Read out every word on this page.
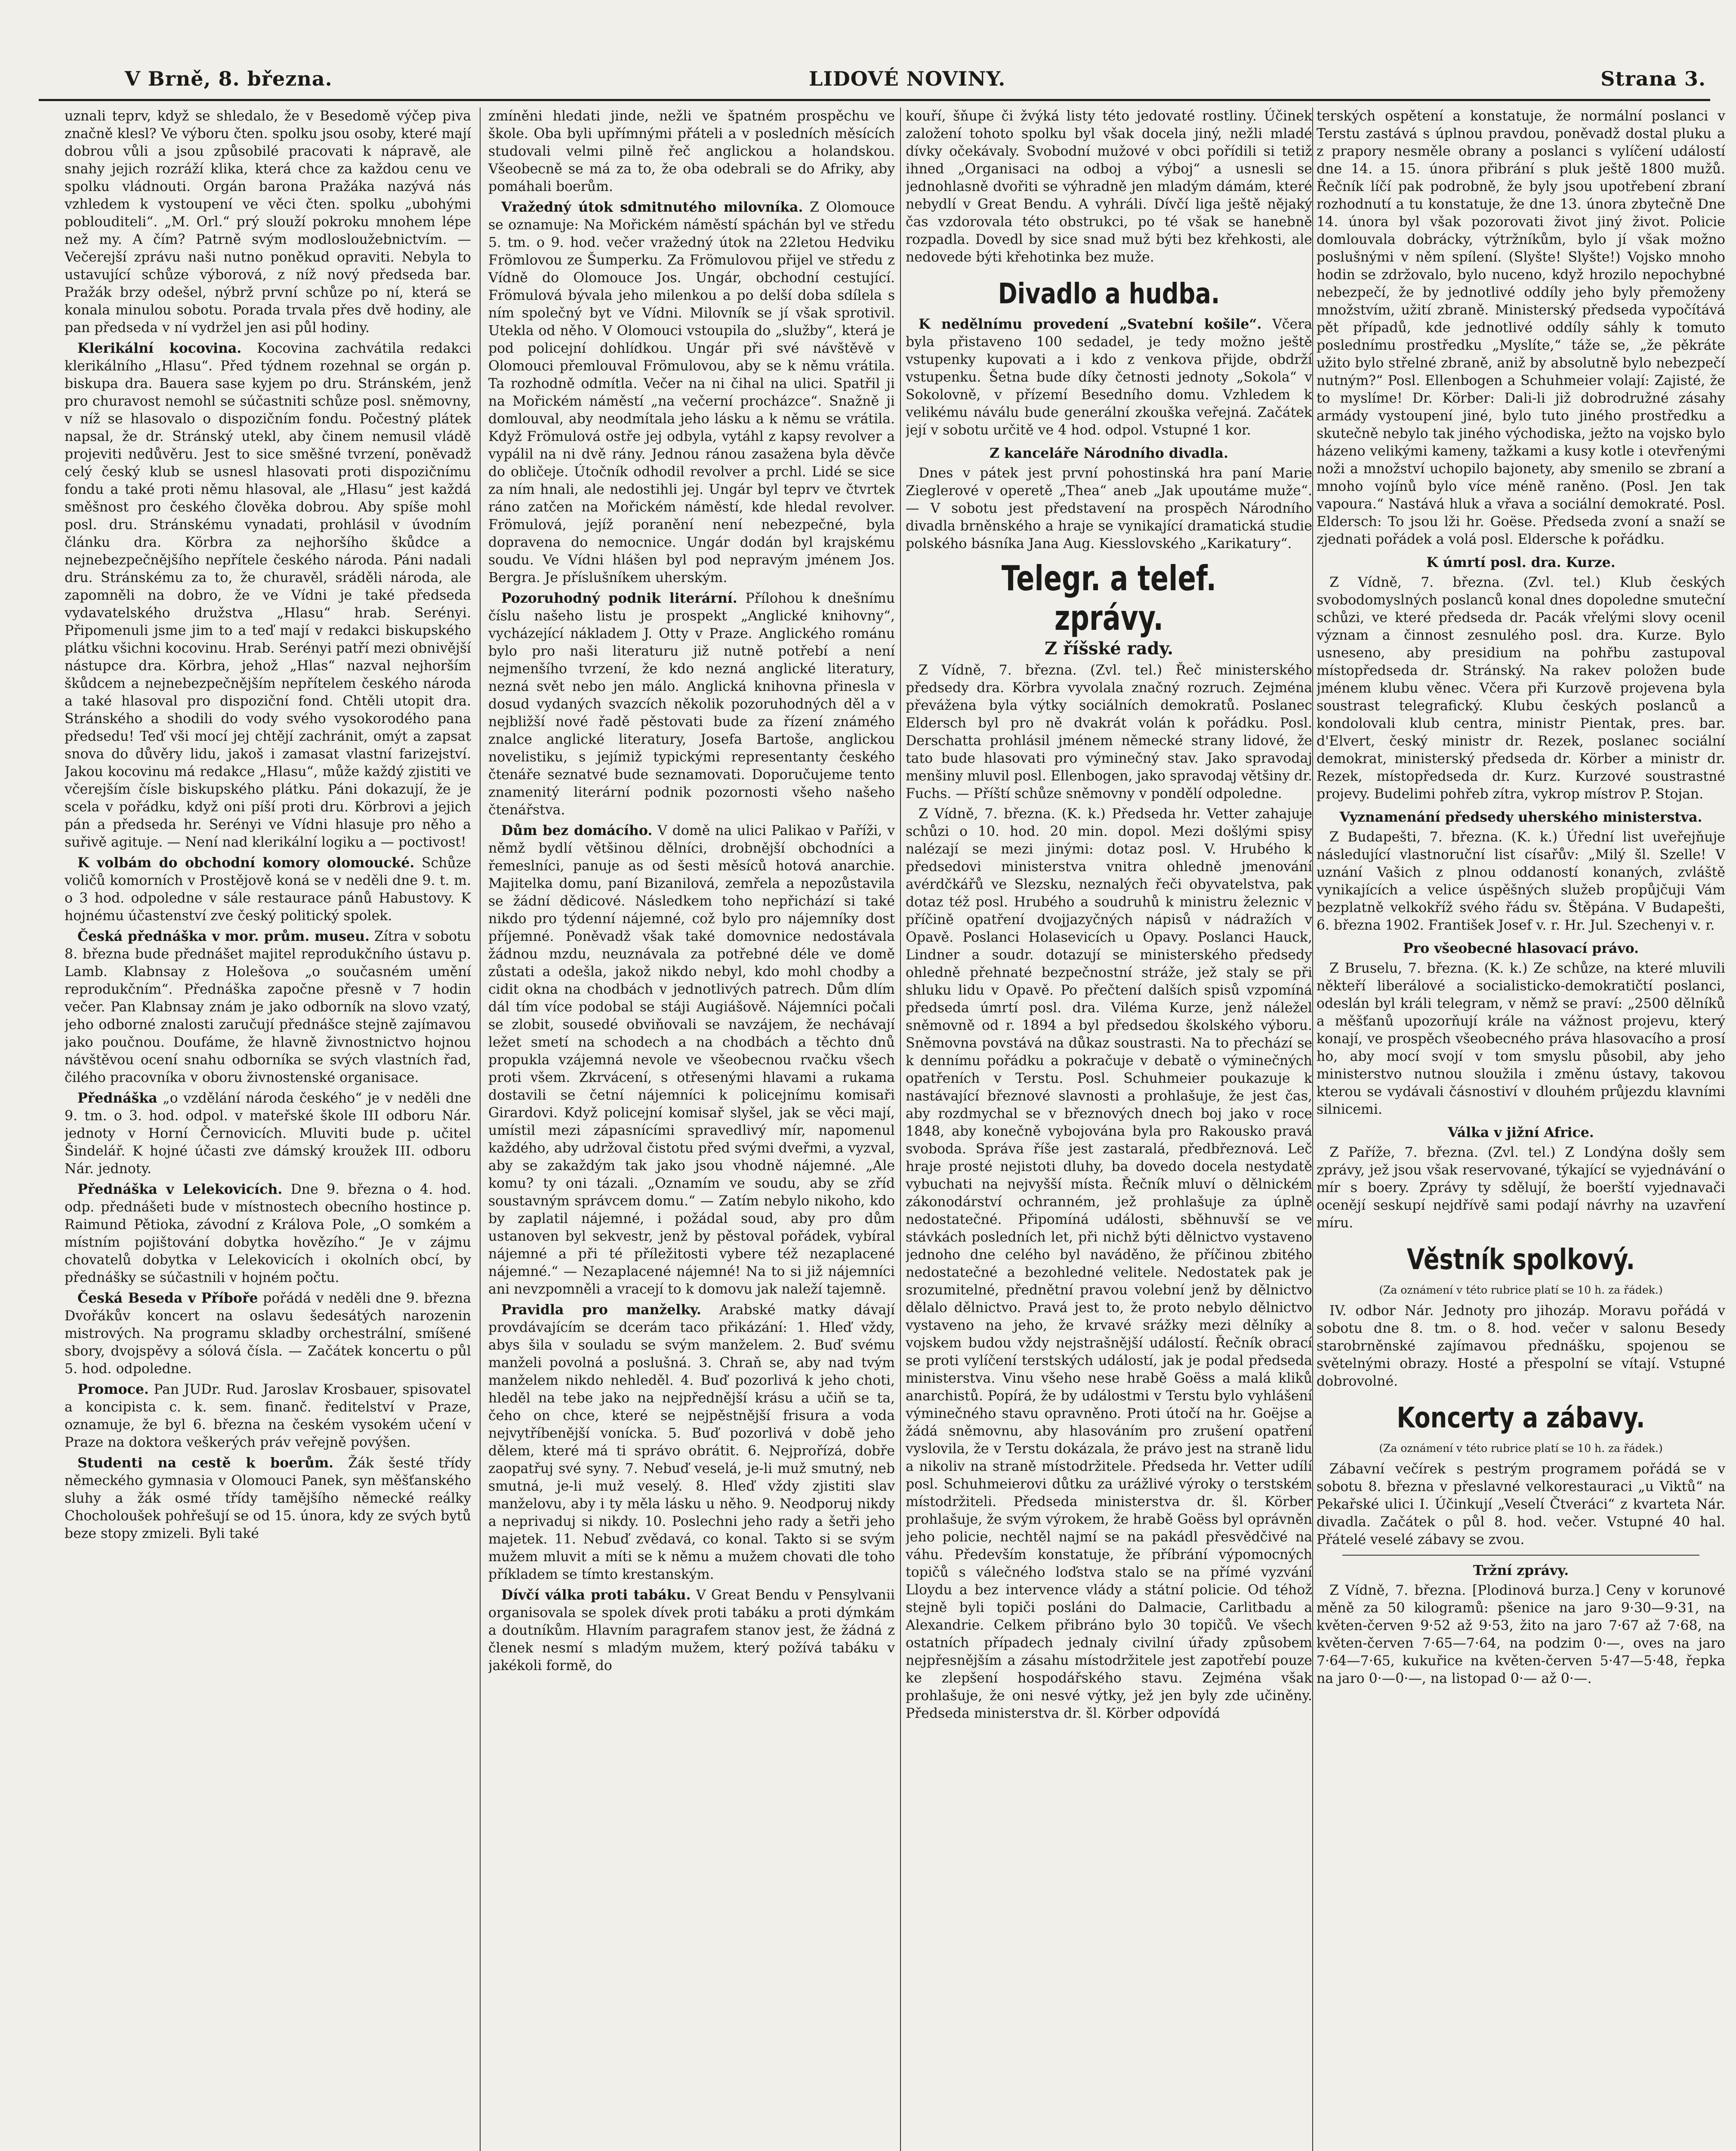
V Brně, 8. března.	LIDOVÉ NOVINY.	Strana 3.

uznali teprv, když se shledalo, že v Besedomě výčep piva značně klesl? Ve výboru čten. spolku jsou osoby, které mají dobrou vůli a jsou způsobilé pracovati k nápravě, ale snahy jejich rozráží klika, která chce za každou cenu ve spolku vládnouti. Orgán barona Pražáka nazývá nás vzhledem k vystoupení ve věci čten. spolku „ubohými poblouditeli“. „M. Orl.“ prý slouží pokroku mnohem lépe než my. A čím? Patrně svým modlosloužebnictvím. — Večerejší zprávu naši nutno poněkud opraviti. Nebyla to ustavující schůze výborová, z níž nový předseda bar. Pražák brzy odešel, nýbrž první schůze po ní, která se konala minulou sobotu. Porada trvala přes dvě hodiny, ale pan předseda v ní vydržel jen asi půl hodiny.

Klerikální kocovina. Kocovina zachvátila redakci klerikálního „Hlasu“. Před týdnem rozehnal se orgán p. biskupa dra. Bauera sase kyjem po dru. Stránském, jenž pro churavost nemohl se súčastniti schůze posl. sněmovny, v níž se hlasovalo o dispozičním fondu. Počestný plátek napsal, že dr. Stránský utekl, aby činem nemusil vládě projeviti nedůvěru. Jest to sice směšné tvrzení, poněvadž celý český klub se usnesl hlasovati proti dispozičnímu fondu a také proti němu hlasoval, ale „Hlasu“ jest každá směšnost pro českého člověka dobrou. Aby spíše mohl posl. dru. Stránskému vynadati, prohlásil v úvodním článku dra. Körbra za nejhoršího škůdce a nejnebezpečnějšího nepřítele českého národa. Páni nadali dru. Stránskému za to, že churavěl, sráděli národa, ale zapomněli na dobro, že ve Vídni je také předseda vydavatelského družstva „Hlasu“ hrab. Serényi. Připomenuli jsme jim to a teď mají v redakci biskupského plátku všichni kocovinu. Hrab. Serényi patří mezi obnivější nástupce dra. Körbra, jehož „Hlas“ nazval nejhorším škůdcem a nejnebezpečnějším nepřítelem českého národa a také hlasoval pro dispoziční fond. Chtěli utopit dra. Stránského a shodili do vody svého vysokorodého pana předsedu! Teď vši mocí jej chtějí zachránit, omýt a zapsat snova do důvěry lidu, jakoš i zamasat vlastní farizejství. Jakou kocovinu má redakce „Hlasu“, může každý zjistiti ve včerejším čísle biskupského plátku. Páni dokazují, že je scela v pořádku, když oni píší proti dru. Körbrovi a jejich pán a předseda hr. Serényi ve Vídni hlasuje pro něho a suřivě agituje. — Není nad klerikální logiku a — poctivost!

K volbám do obchodní komory olomoucké. Schůze voličů komorních v Prostějově koná se v neděli dne 9. t. m. o 3 hod. odpoledne v sále restaurace pánů Habustovy. K hojnému účastenství zve český politický spolek.

Česká přednáška v mor. prům. museu. Zítra v sobotu 8. března bude přednášet majitel reprodukčního ústavu p. Lamb. Klabnsay z Holešova „o současném umění reprodukčním“. Přednáška započne přesně v 7 hodin večer. Pan Klabnsay znám je jako odborník na slovo vzatý, jeho odborné znalosti zaručují přednášce stejně zajímavou jako poučnou. Doufáme, že hlavně živnostnictvo hojnou návštěvou ocení snahu odborníka se svých vlastních řad, čilého pracovníka v oboru živnostenské organisace.

Přednáška „o vzdělání národa českého“ je v neděli dne 9. tm. o 3. hod. odpol. v mateřské škole III odboru Nár. jednoty v Horní Černovicích. Mluviti bude p. učitel Šindelář. K hojné účasti zve dámský kroužek III. odboru Nár. jednoty.

Přednáška v Lelekovicích. Dne 9. března o 4. hod. odp. přednášeti bude v místnostech obecního hostince p. Raimund Pětioka, závodní z Králova Pole, „O somkém a místním pojištování dobytka hovězího.“ Je v zájmu chovatelů dobytka v Lelekovicích i okolních obcí, by přednášky se súčastnili v hojném počtu.

Česká Beseda v Příboře pořádá v neděli dne 9. března Dvořákův koncert na oslavu šedesátých narozenin mistrových. Na programu skladby orchestrální, smíšené sbory, dvojspěvy a sólová čísla. — Začátek koncertu o půl 5. hod. odpoledne.

Promoce. Pan JUDr. Rud. Jaroslav Krosbauer, spisovatel a koncipista c. k. sem. finanč. ředitelství v Praze, oznamuje, že byl 6. března na českém vysokém učení v Praze na doktora veškerých práv veřejně povýšen.

Studenti na cestě k boerům. Žák šesté třídy německého gymnasia v Olomouci Panek, syn měšťanského sluhy a žák osmé třídy tamějšího německé reálky Chocholoušek pohřešují se od 15. února, kdy ze svých bytů beze stopy zmizeli. Byli také

zmíněni hledati jinde, nežli ve špatném prospěchu ve škole. Oba byli upřímnými přáteli a v posledních měsících studovali velmi pilně řeč anglickou a holandskou. Všeobecně se má za to, že oba odebrali se do Afriky, aby pomáhali boerům.

Vražedný útok sdmitnutého milovníka. Z Olomouce se oznamuje: Na Mořickém náměstí spáchán byl ve středu 5. tm. o 9. hod. večer vražedný útok na 22letou Hedviku Frömlovou ze Šumperku. Za Frömulovou přijel ve středu z Vídně do Olomouce Jos. Ungár, obchodní cestující. Frömulová bývala jeho milenkou a po delší doba sdílela s ním společný byt ve Vídni. Milovník se jí však sprotivil. Utekla od něho. V Olomouci vstoupila do „služby“, která je pod policejní dohlídkou. Ungár při své návštěvě v Olomouci přemlouval Frömulovou, aby se k němu vrátila. Ta rozhodně odmítla. Večer na ni čihal na ulici. Spatřil ji na Mořickém náměstí „na večerní procházce“. Snažně ji domlouval, aby neodmítala jeho lásku a k němu se vrátila. Když Frömulová ostře jej odbyla, vytáhl z kapsy revolver a vypálil na ni dvě rány. Jednou ránou zasažena byla děvče do obličeje. Útočník odhodil revolver a prchl. Lidé se sice za ním hnali, ale nedostihli jej. Ungár byl teprv ve čtvrtek ráno zatčen na Mořickém náměstí, kde hledal revolver. Frömulová, jejíž poranění není nebezpečné, byla dopravena do nemocnice. Ungár dodán byl krajskému soudu. Ve Vídni hlášen byl pod nepravým jménem Jos. Bergra. Je příslušníkem uherským.

Pozoruhodný podnik literární. Přílohou k dnešnímu číslu našeho listu je prospekt „Anglické knihovny“, vycházející nákladem J. Otty v Praze. Anglického románu bylo pro naši literaturu již nutně potřebí a není nejmenšího tvrzení, že kdo nezná anglické literatury, nezná svět nebo jen málo. Anglická knihovna přinesla v dosud vydaných svazcích několik pozoruhodných děl a v nejbližší nové řadě pěstovati bude za řízení známého znalce anglické literatury, Josefa Bartoše, anglickou novelistiku, s jejímiž typickými representanty českého čtenáře seznatvé bude seznamovati. Doporučujeme tento znamenitý literární podnik pozornosti všeho našeho čtenářstva.

Dům bez domácího. V domě na ulici Palikao v Paříži, v němž bydlí většinou dělníci, drobnější obchodníci a řemeslníci, panuje as od šesti měsíců hotová anarchie. Majitelka domu, paní Bizanilová, zemřela a nepozůstavila se žádní dědicové. Následkem toho nepřichází si také nikdo pro týdenní nájemné, což bylo pro nájemníky dost příjemné. Poněvadž však také domovnice nedostávala žádnou mzdu, neuznávala za potřebné déle ve domě zůstati a odešla, jakož nikdo nebyl, kdo mohl chodby a cidit okna na chodbách v jednotlivých patrech. Dům dlím dál tím více podobal se stáji Augiášově. Nájemníci počali se zlobit, sousedé obviňovali se navzájem, že nechávají ležet smetí na schodech a na chodbách a těchto dnů propukla vzájemná nevole ve všeobecnou rvačku všech proti všem. Zkrvácení, s otřesenými hlavami a rukama dostavili se četní nájemníci k policejnímu komisaři Girardovi. Když policejní komisař slyšel, jak se věci mají, umístil mezi zápasnícími spravedlivý mír, napomenul každého, aby udržoval čistotu před svými dveřmi, a vyzval, aby se zakaždým tak jako jsou vhodně nájemné. „Ale komu? ty oni tázali. „Oznamím ve soudu, aby se zříd soustavným správcem domu.“ — Zatím nebylo nikoho, kdo by zaplatil nájemné, i požádal soud, aby pro dům ustanoven byl sekvestr, jenž by pěstoval pořádek, vybíral nájemné a při té příležitosti vybere též nezaplacené nájemné.“ — Nezaplacené nájemné! Na to si již nájemníci ani nevzpomněli a vracejí to k domovu jak naleží tajemně.

Pravidla pro manželky. Arabské matky dávají provdávajícím se dcerám taco přikázání: 1. Hleď vždy, abys šila v souladu se svým manželem. 2. Buď svému manželi povolná a poslušná. 3. Chraň se, aby nad tvým manželem nikdo nehleděl. 4. Buď pozorlivá k jeho choti, hleděl na tebe jako na nejpřednější krásu a učiň se ta, čeho on chce, které se nejpěstnější frisura a voda nejvytříbenější vonícka. 5. Buď pozorlivá v době jeho dělem, které má ti správo obrátit. 6. Nejprořízá, dobře zaopatřuj své syny. 7. Nebuď veselá, je-li muž smutný, neb smutná, je-li muž veselý. 8. Hleď vždy zjistiti slav manželovu, aby i ty měla lásku u něho. 9. Neodporuj nikdy a neprivaduj si nikdy. 10. Poslechni jeho rady a šetři jeho majetek. 11. Nebuď zvědavá, co konal. Takto si se svým mužem mluvit a míti se k němu a mužem chovati dle toho příkladem se tímto krestanským.

Dívčí válka proti tabáku. V Great Bendu v Pensylvanii organisovala se spolek dívek proti tabáku a proti dýmkám a doutníkům. Hlavním paragrafem stanov jest, že žádná z členek nesmí s mladým mužem, který požívá tabáku v jakékoli formě, do

kouří, šňupe či žvýká listy této jedovaté rostliny. Účinek založení tohoto spolku byl však docela jiný, nežli mladé dívky očekávaly. Svobodní mužové v obci pořídili si tetiž ihned „Organisaci na odboj a výboj“ a usnesli se jednohlasně dvořiti se výhradně jen mladým dámám, které nebydlí v Great Bendu. A vyhráli. Dívčí liga ještě nějaký čas vzdorovala této obstrukci, po té však se hanebně rozpadla. Dovedl by sice snad muž býti bez křehkosti, ale nedovede býti křehotinka bez muže.

Divadlo a hudba.

K nedělnímu provedení „Svatební košile“. Včera byla přistaveno 100 sedadel, je tedy možno ještě vstupenky kupovati a i kdo z venkova přijde, obdrží vstupenku. Šetna bude díky četnosti jednoty „Sokola“ v Sokolovně, v přízemí Besedního domu. Vzhledem k velikému náválu bude generální zkouška veřejná. Začátek její v sobotu určitě ve 4 hod. odpol. Vstupné 1 kor.

Z kanceláře Národního divadla.

Dnes v pátek jest první pohostinská hra paní Marie Zieglerové v operetě „Thea“ aneb „Jak upoutáme muže“. — V sobotu jest představení na prospěch Národního divadla brněnského a hraje se vynikající dramatická studie polského básníka Jana Aug. Kiesslovského „Karikatury“.

Telegr. a telef. zprávy.
Z říšské rady.

Z Vídně, 7. března. (Zvl. tel.) Řeč ministerského předsedy dra. Körbra vyvolala značný rozruch. Zejména převážena byla výtky sociálních demokratů. Poslanec Eldersch byl pro ně dvakrát volán k pořádku. Posl. Derschatta prohlásil jménem německé strany lidové, že tato bude hlasovati pro výminečný stav. Jako spravodaj menšiny mluvil posl. Ellenbogen, jako spravodaj většiny dr. Fuchs. — Příští schůze sněmovny v pondělí odpoledne.

Z Vídně, 7. března. (K. k.) Předseda hr. Vetter zahajuje schůzi o 10. hod. 20 min. dopol. Mezi došlými spisy nalézají se mezi jinými: dotaz posl. V. Hrubého k předsedovi ministerstva vnitra ohledně jmenování avérdčkářů ve Slezsku, neznalých řeči obyvatelstva, pak dotaz též posl. Hrubého a soudruhů k ministru železnic v příčině opatření dvojjazyčných nápisů v nádražích v Opavě. Poslanci Holasevicích u Opavy. Poslanci Hauck, Lindner a soudr. dotazují se ministerského předsedy ohledně přehnaté bezpečnostní stráže, jež staly se při shluku lidu v Opavě. Po přečtení dalších spisů vzpomíná předseda úmrtí posl. dra. Viléma Kurze, jenž náležel sněmovně od r. 1894 a byl předsedou školského výboru. Sněmovna povstává na důkaz soustrasti. Na to přechází se k dennímu pořádku a pokračuje v debatě o výminečných opatřeních v Terstu. Posl. Schuhmeier poukazuje k nastávající březnové slavnosti a prohlašuje, že jest čas, aby rozdmychal se v březnových dnech boj jako v roce 1848, aby konečně vybojována byla pro Rakousko pravá svoboda. Správa říše jest zastaralá, předbřeznová. Leč hraje prosté nejistoti dluhy, ba dovedo docela nestydatě vybuchati na nejvyšší místa. Řečník mluví o dělnickém zákonodárství ochranném, jež prohlašuje za úplně nedostatečné. Připomíná události, sběhnuvší se ve stávkách posledních let, při nichž býti dělnictvo vystaveno jednoho dne celého byl naváděno, že příčinou zbitého nedostatečné a bezohledné velitele. Nedostatek pak je srozumitelné, přednětní pravou volební jenž by dělnictvo dělalo dělnictvo. Pravá jest to, že proto nebylo dělnictvo vystaveno na jeho, že krvavé srážky mezi dělníky a vojskem budou vždy nejstrašnější událostí. Řečník obrací se proti vylíčení terstských událostí, jak je podal předseda ministerstva. Vinu všeho nese hrabě Goëss a malá kliků anarchistů. Popírá, že by událostmi v Terstu bylo vyhlášení výminečného stavu opravněno. Proti útočí na hr. Goëjse a žádá sněmovnu, aby hlasováním pro zrušení opatření vyslovila, že v Terstu dokázala, že právo jest na straně lidu a nikoliv na straně místodržitele. Předseda hr. Vetter udílí posl. Schuhmeierovi důtku za urážlivé výroky o terstském místodržiteli. Předseda ministerstva dr. šl. Körber prohlašuje, že svým výrokem, že hrabě Goëss byl oprávněn jeho policie, nechtěl najmí se na pakádl přesvědčivé na váhu. Především konstatuje, že příbrání výpomocných topičů s válečného loďstva stalo se na přímé vyzvání Lloydu a bez intervence vlády a státní policie. Od téhož stejně byli topiči posláni do Dalmacie, Carlitbadu a Alexandrie. Celkem přibráno bylo 30 topičů. Ve všech ostatních případech jednaly civilní úřady způsobem nejpřesnějším a zásahu místodržitele jest zapotřebí pouze ke zlepšení hospodářského stavu. Zejména však prohlašuje, že oni nesvé výtky, jež jen byly zde učiněny. Předseda ministerstva dr. šl. Körber odpovídá

terských ospětení a konstatuje, že normální poslanci v Terstu zastává s úplnou pravdou, poněvadž dostal pluku a z prapory nesměle obrany a poslanci s vylíčení událostí dne 14. a 15. února přibrání s pluk ještě 1800 mužů. Řečník líčí pak podrobně, že byly jsou upotřebení zbraní rozhodnutí a tu konstatuje, že dne 13. února zbytečně Dne 14. února byl však pozorovati život jiný život. Policie domlouvala dobrácky, výtržníkům, bylo jí však možno poslušnými v něm spílení. (Slyšte! Slyšte!) Vojsko mnoho hodin se zdržovalo, bylo nuceno, když hrozilo nepochybné nebezpečí, že by jednotlivé oddíly jeho byly přemoženy množstvím, užití zbraně. Ministerský předseda vypočítává pět případů, kde jednotlivé oddíly sáhly k tomuto poslednímu prostředku „Myslíte,“ táže se, „že pěkráte užito bylo střelné zbraně, aniž by absolutně bylo nebezpečí nutným?“ Posl. Ellenbogen a Schuhmeier volají: Zajisté, že to myslíme! Dr. Körber: Dali-li již dobrodružné zásahy armády vystoupení jiné, bylo tuto jiného prostředku a skutečně nebylo tak jiného východiska, ježto na vojsko bylo házeno velikými kameny, tažkami a kusy kotle i otevřenými noži a množství uchopilo bajonety, aby smenilo se zbraní a mnoho vojínů bylo více méně raněno. (Posl. Jen tak vapoura.“ Nastává hluk a vřava a sociální demokraté. Posl. Eldersch: To jsou lži hr. Goëse. Předseda zvoní a snaží se zjednati pořádek a volá posl. Eldersche k pořádku.

K úmrtí posl. dra. Kurze.

Z Vídně, 7. března. (Zvl. tel.) Klub českých svobodomyslných poslanců konal dnes dopoledne smuteční schůzi, ve které předseda dr. Pacák vřelými slovy ocenil význam a činnost zesnulého posl. dra. Kurze. Bylo usneseno, aby presidium na pohřbu zastupoval místopředseda dr. Stránský. Na rakev položen bude jménem klubu věnec. Včera při Kurzově projevena byla soustrast telegrafický. Klubu českých poslanců a kondolovali klub centra, ministr Pientak, pres. bar. d'Elvert, český ministr dr. Rezek, poslanec sociální demokrat, ministerský předseda dr. Körber a ministr dr. Rezek, místopředseda dr. Kurz. Kurzové soustrastné projevy. Budelimi pohřeb zítra, vykrop místrov P. Stojan.

Vyznamenání předsedy uherského ministerstva.

Z Budapešti, 7. března. (K. k.) Úřední list uveřejňuje následující vlastnoruční list císařův: „Milý šl. Szelle! V uznání Vašich z plnou oddaností konaných, zvláště vynikajících a velice úspěšných služeb propůjčuji Vám bezplatně velkokříž svého řádu sv. Štěpána. V Budapešti, 6. března 1902. František Josef v. r. Hr. Jul. Szechenyi v. r.

Pro všeobecné hlasovací právo.

Z Bruselu, 7. března. (K. k.) Ze schůze, na které mluvili někteří liberálové a socialisticko-demokratičtí poslanci, odeslán byl králi telegram, v němž se praví: „2500 dělníků a měšťanů upozorňují krále na vážnost projevu, který konají, ve prospěch všeobecného práva hlasovacího a prosí ho, aby mocí svojí v tom smyslu působil, aby jeho ministerstvo nutnou sloužila i změnu ústavy, takovou kterou se vydávali čásnostiví v dlouhém průjezdu klavními silnicemi.

Válka v jižní Africe.

Z Paříže, 7. března. (Zvl. tel.) Z Londýna došly sem zprávy, jež jsou však reservované, týkající se vyjednávání o mír s boery. Zprávy ty sdělují, že boerští vyjednavači ocenějí seskupí nejdřívě sami podají návrhy na uzavření míru.

Věstník spolkový.
(Za oznámení v této rubrice platí se 10 h. za řádek.)

IV. odbor Nár. Jednoty pro jihozáp. Moravu pořádá v sobotu dne 8. tm. o 8. hod. večer v salonu Besedy starobrněnské zajímavou přednášku, spojenou se světelnými obrazy. Hosté a přespolní se vítají. Vstupné dobrovolné.

Koncerty a zábavy.
(Za oznámení v této rubrice platí se 10 h. za řádek.)

Zábavní večírek s pestrým programem pořádá se v sobotu 8. března v přeslavné velkorestauraci „u Viktů“ na Pekařské ulici I. Účinkují „Veselí Čtveráci“ z kvarteta Nár. divadla. Začátek o půl 8. hod. večer. Vstupné 40 hal. Přátelé veselé zábavy se zvou.

Tržní zprávy.

Z Vídně, 7. března. [Plodinová burza.] Ceny v korunové měně za 50 kilogramů: pšenice na jaro 9·30—9·31, na květen-červen 9·52 až 9·53, žito na jaro 7·67 až 7·68, na květen-červen 7·65—7·64, na podzim 0·—, oves na jaro 7·64—7·65, kukuřice na květen-červen 5·47—5·48, řepka na jaro 0·—0·—, na listopad 0·— až 0·—.
